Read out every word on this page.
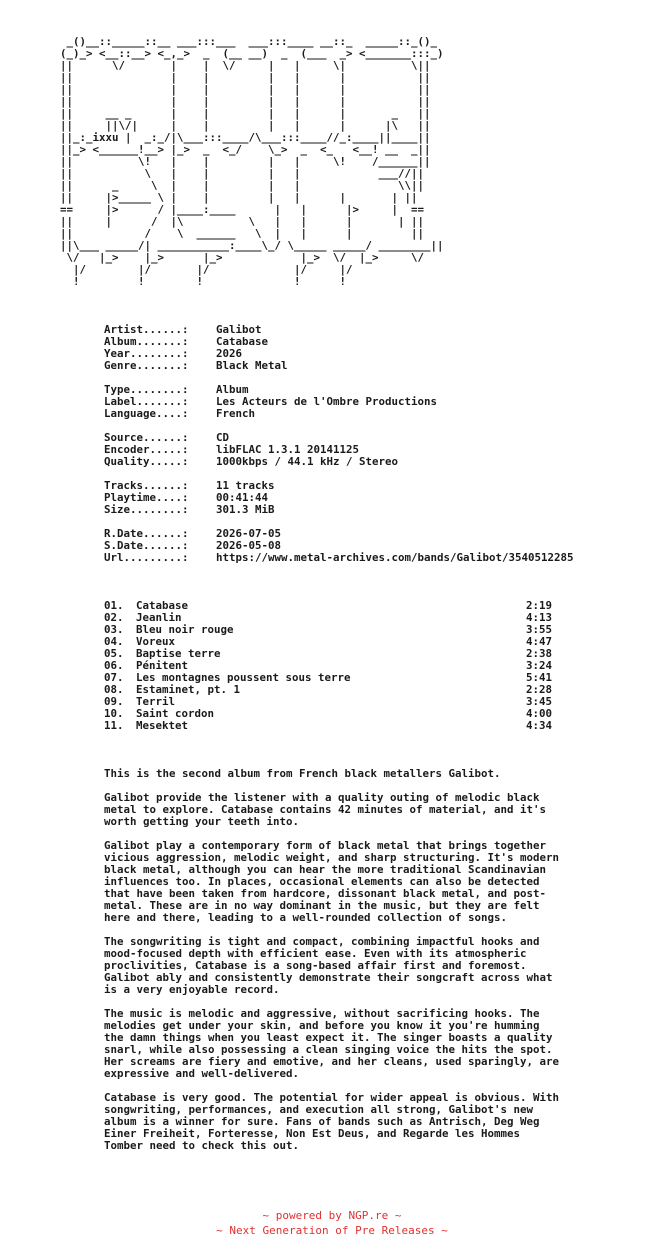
_()__::_____::__ ___:::___  ___:::____ __::_  _____::_()_
(_)_> <__::__> <_,_>  _  (__ __)  _  (___  _> <_______:::_)
||      \/       |    |  \/     |   |     \|          \||
||               |    |         |   |      |           ||
||               |    |         |   |      |           ||
||               |    |         |   |      |           ||
||     __ _      |    |         |   |      |       _   ||
||     ||\/|     |    |         |   |      |      |\   ||
||_:_ixxu |  _:_/|\___:::____/\___:::____//_:____||____||
||_> <______!__> |_>  _  <_/    \_>  _  <_   <__! __  _||
||          \!   |    |         |   |     \!    /______||
||           \   |    |         |   |            ___//||
||      _     \  |    |         |   |               \\||
||     |>_____ \ |    |         |   |      |       | ||
==     |>      / |____:____      |   |      |>     |  ==
||     |      /  |\          \   |   |      |       | ||
||           /    \  ______   \  |   |      |         ||
||\___ _____/| ___________:____\_/ \_____ _____/ ________||
\/   |_>    |_>      |_>            |_>  \/  |_>     \/
|/        |/       |/             |/     |/
!         !        !              !      !

Artist......:	Galibot
Album.......:	Catabase
Year........:	2026
Genre.......:	Black Metal
Type........:	Album
Label.......:	Les Acteurs de l'Ombre Productions
Language....:	French
Source......:	CD
Encoder.....:	libFLAC 1.3.1 20141125
Quality.....:	1000kbps / 44.1 kHz / Stereo
Tracks......:	11 tracks
Playtime....:	00:41:44
Size........:	301.3 MiB
R.Date......:	2026-07-05
S.Date......:	2026-05-08
Url.........:	https://www.metal-archives.com/bands/Galibot/3540512285

01. Catabase	2:19
02. Jeanlin	4:13
03. Bleu noir rouge	3:55
04. Voreux	4:47
05. Baptise terre	2:38
06. Pénitent	3:24
07. Les montagnes poussent sous terre	5:41
08. Estaminet, pt. 1	2:28
09. Terril	3:45
10. Saint cordon	4:00
11. Mesektet	4:34

This is the second album from French black metallers Galibot.

Galibot provide the listener with a quality outing of melodic black metal to explore. Catabase contains 42 minutes of material, and it's worth getting your teeth into.

Galibot play a contemporary form of black metal that brings together vicious aggression, melodic weight, and sharp structuring. It's modern black metal, although you can hear the more traditional Scandinavian influences too. In places, occasional elements can also be detected that have been taken from hardcore, dissonant black metal, and post-metal. These are in no way dominant in the music, but they are felt here and there, leading to a well-rounded collection of songs.

The songwriting is tight and compact, combining impactful hooks and mood-focused depth with efficient ease. Even with its atmospheric proclivities, Catabase is a song-based affair first and foremost. Galibot ably and consistently demonstrate their songcraft across what is a very enjoyable record.

The music is melodic and aggressive, without sacrificing hooks. The melodies get under your skin, and before you know it you're humming the damn things when you least expect it. The singer boasts a quality snarl, while also possessing a clean singing voice the hits the spot. Her screams are fiery and emotive, and her cleans, used sparingly, are expressive and well-delivered.

Catabase is very good. The potential for wider appeal is obvious. With songwriting, performances, and execution all strong, Galibot's new album is a winner for sure. Fans of bands such as Antrisch, Deg Weg Einer Freiheit, Forteresse, Non Est Deus, and Regarde les Hommes Tomber need to check this out.

~ powered by NGP.re ~
~ Next Generation of Pre Releases ~
